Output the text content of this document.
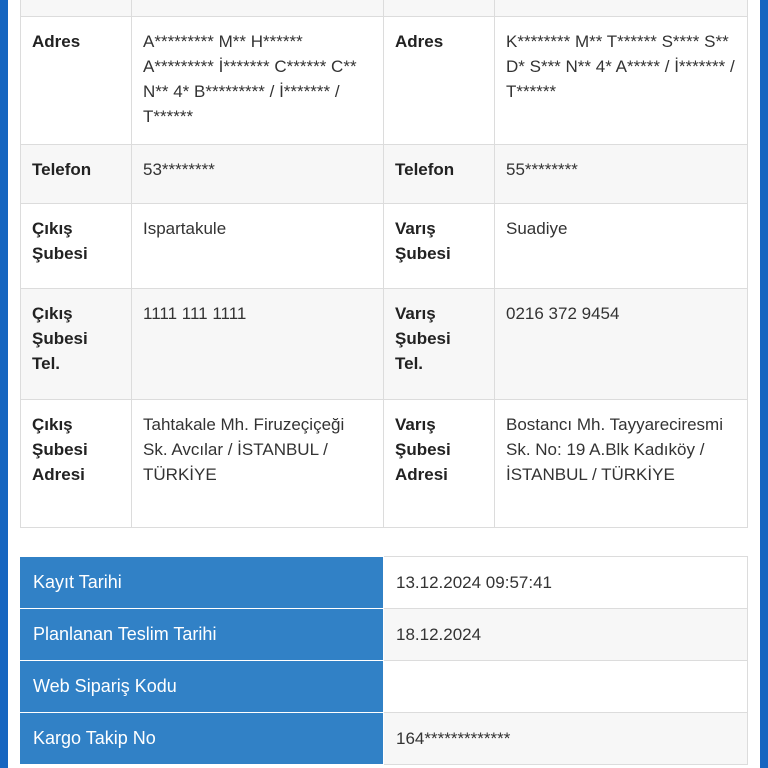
Adres	A********* M** H****** A********* İ******* C****** C** N** 4* B********* / İ******* / T******	Adres	K******** M** T****** S**** S** D* S*** N** 4* A***** / İ******* / T******
Telefon	53********	Telefon	55********
Çıkış Şubesi	Ispartakule	Varış Şubesi	Suadiye
Çıkış Şubesi Tel.	1111 111 1111	Varış Şubesi Tel.	0216 372 9454
Çıkış Şubesi Adresi	Tahtakale Mh. Firuzeçiçeği Sk. Avcılar / İSTANBUL / TÜRKİYE	Varış Şubesi Adresi	Bostancı Mh. Tayyareciresmi Sk. No: 19 A.Blk Kadıköy / İSTANBUL / TÜRKİYE
Kayıt Tarihi	13.12.2024 09:57:41
Planlanan Teslim Tarihi	18.12.2024
Web Sipariş Kodu	
Kargo Takip No	164*************
